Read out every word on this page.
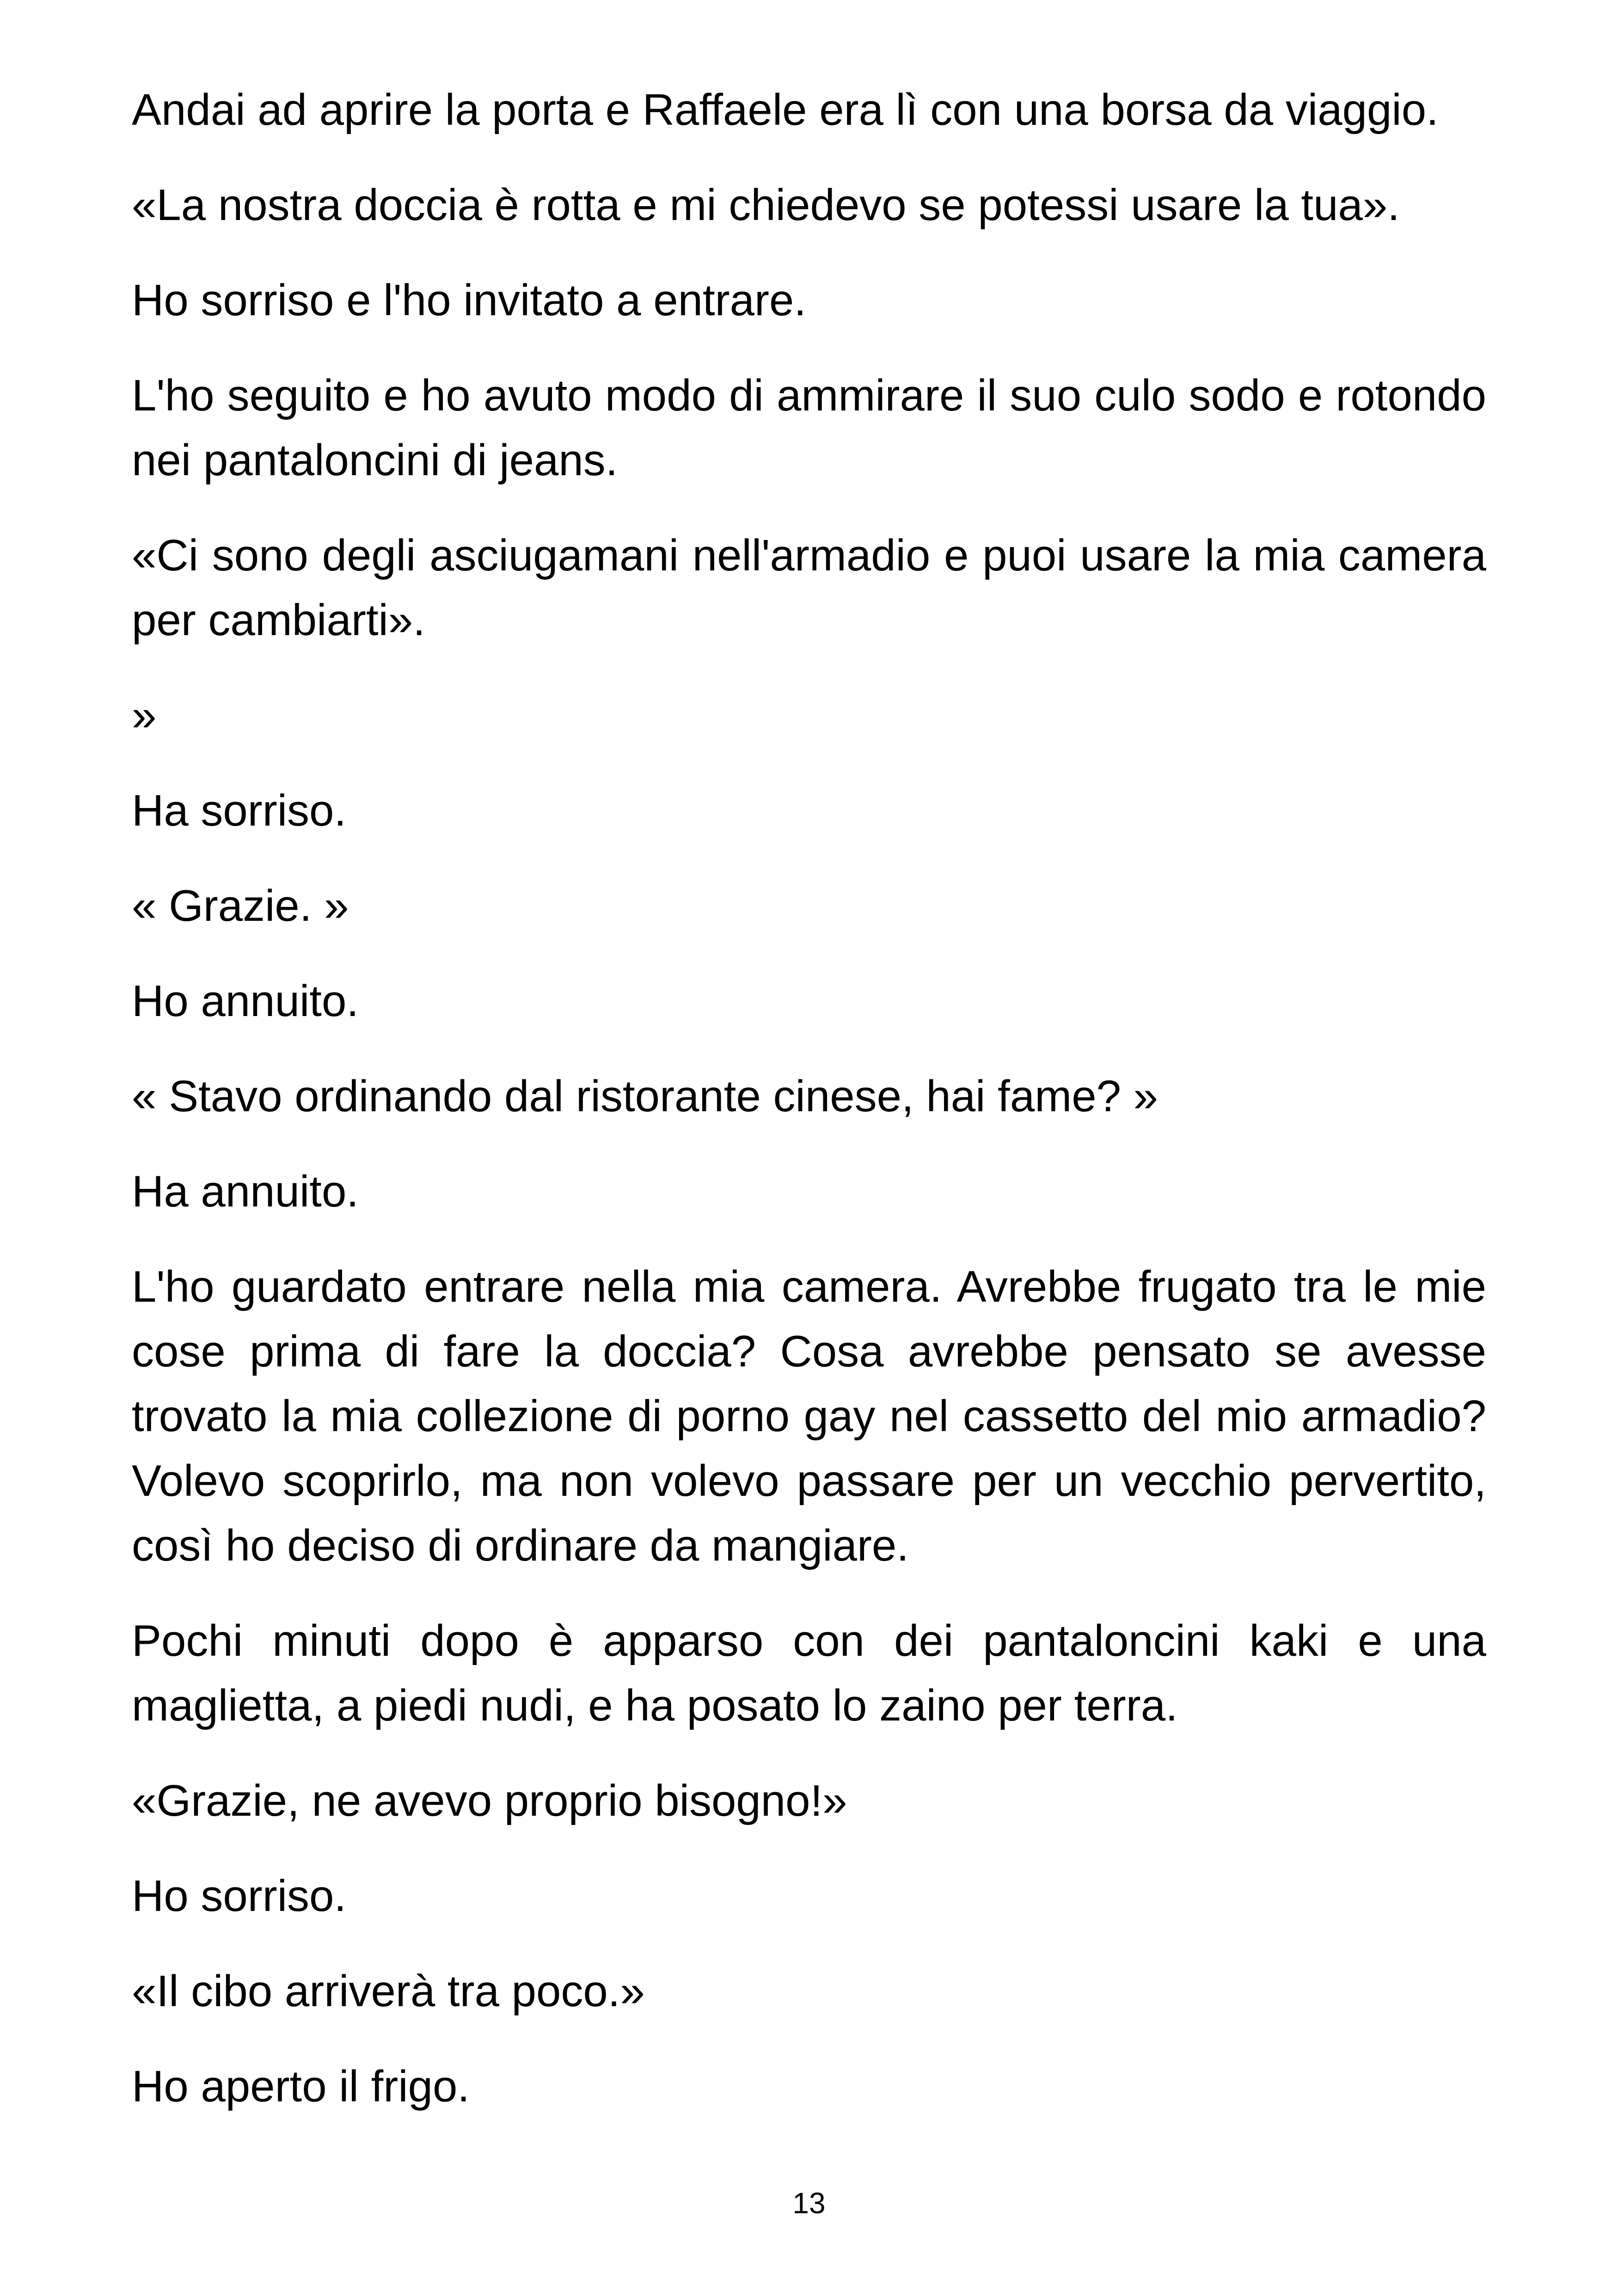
Andai ad aprire la porta e Raffaele era lì con una borsa da viaggio.

«La nostra doccia è rotta e mi chiedevo se potessi usare la tua».

Ho sorriso e l'ho invitato a entrare.

L'ho seguito e ho avuto modo di ammirare il suo culo sodo e rotondo nei pantaloncini di jeans.

«Ci sono degli asciugamani nell'armadio e puoi usare la mia camera per cambiarti».

»

Ha sorriso.

« Grazie. »

Ho annuito.

« Stavo ordinando dal ristorante cinese, hai fame? »

Ha annuito.

L'ho guardato entrare nella mia camera. Avrebbe frugato tra le mie cose prima di fare la doccia? Cosa avrebbe pensato se avesse trovato la mia collezione di porno gay nel cassetto del mio armadio? Volevo scoprirlo, ma non volevo passare per un vecchio pervertito, così ho deciso di ordinare da mangiare.

Pochi minuti dopo è apparso con dei pantaloncini kaki e una maglietta, a piedi nudi, e ha posato lo zaino per terra.

«Grazie, ne avevo proprio bisogno!»

Ho sorriso.

«Il cibo arriverà tra poco.»

Ho aperto il frigo.

13
